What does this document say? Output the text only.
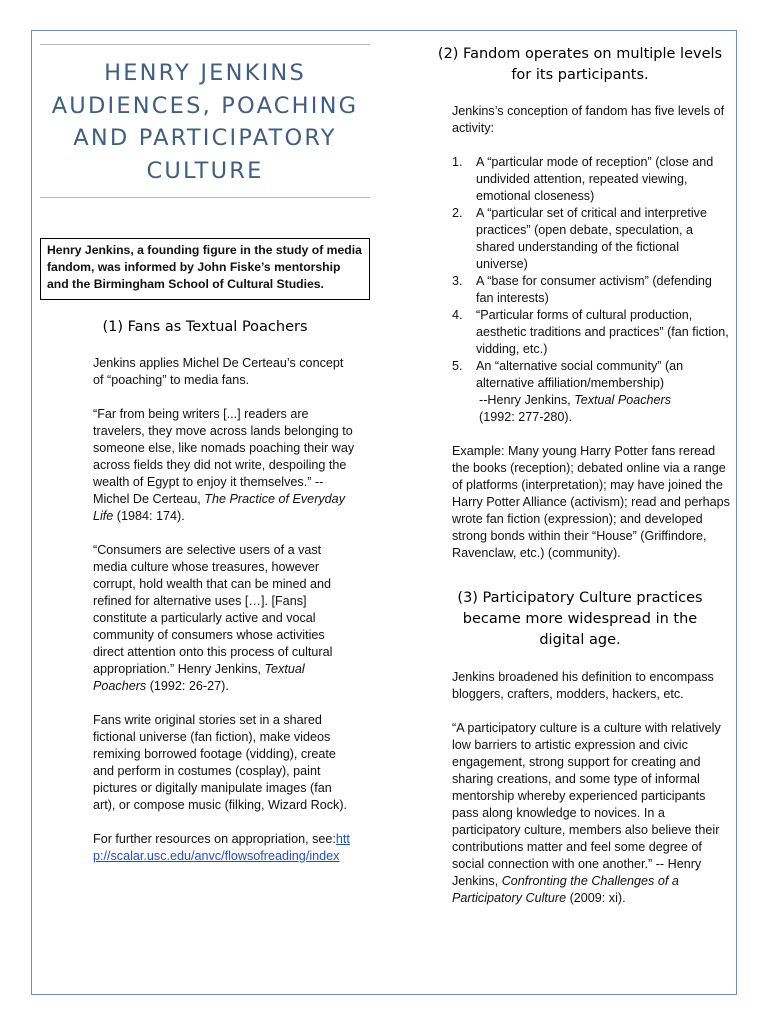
HENRY JENKINS
AUDIENCES, POACHING
AND PARTICIPATORY
CULTURE
Henry Jenkins, a founding figure in the study of media fandom, was informed by John Fiske’s mentorship and the Birmingham School of Cultural Studies.
(1) Fans as Textual Poachers

Jenkins applies Michel De Certeau’s concept of “poaching” to media fans.

“Far from being writers [...] readers are travelers, they move across lands belonging to someone else, like nomads poaching their way across fields they did not write, despoiling the wealth of Egypt to enjoy it themselves.” -- Michel De Certeau, The Practice of Everyday Life (1984: 174).

“Consumers are selective users of a vast media culture whose treasures, however corrupt, hold wealth that can be mined and refined for alternative uses […]. [Fans] constitute a particularly active and vocal community of consumers whose activities direct attention onto this process of cultural appropriation.” Henry Jenkins, Textual Poachers (1992: 26-27).

Fans write original stories set in a shared fictional universe (fan fiction), make videos remixing borrowed footage (vidding), create and perform in costumes (cosplay), paint pictures or digitally manipulate images (fan art), or compose music (filking, Wizard Rock).

For further resources on appropriation, see:http://scalar.usc.edu/anvc/flowsofreading/index

(2) Fandom operates on multiple levels
for its participants.

Jenkins’s conception of fandom has five levels of activity:

1. A “particular mode of reception” (close and undivided attention, repeated viewing, emotional closeness)
2. A “particular set of critical and interpretive practices” (open debate, speculation, a shared understanding of the fictional universe)
3. A “base for consumer activism” (defending fan interests)
4. “Particular forms of cultural production, aesthetic traditions and practices” (fan fiction, vidding, etc.)
5. An “alternative social community” (an alternative affiliation/membership)
--Henry Jenkins, Textual Poachers
(1992: 277-280).

Example: Many young Harry Potter fans reread the books (reception); debated online via a range of platforms (interpretation); may have joined the Harry Potter Alliance (activism); read and perhaps wrote fan fiction (expression); and developed strong bonds within their “House” (Griffindore, Ravenclaw, etc.) (community).

(3) Participatory Culture practices
became more widespread in the
digital age.

Jenkins broadened his definition to encompass bloggers, crafters, modders, hackers, etc.

“A participatory culture is a culture with relatively low barriers to artistic expression and civic engagement, strong support for creating and sharing creations, and some type of informal mentorship whereby experienced participants pass along knowledge to novices. In a participatory culture, members also believe their contributions matter and feel some degree of social connection with one another.” -- Henry Jenkins, Confronting the Challenges of a Participatory Culture (2009: xi).
